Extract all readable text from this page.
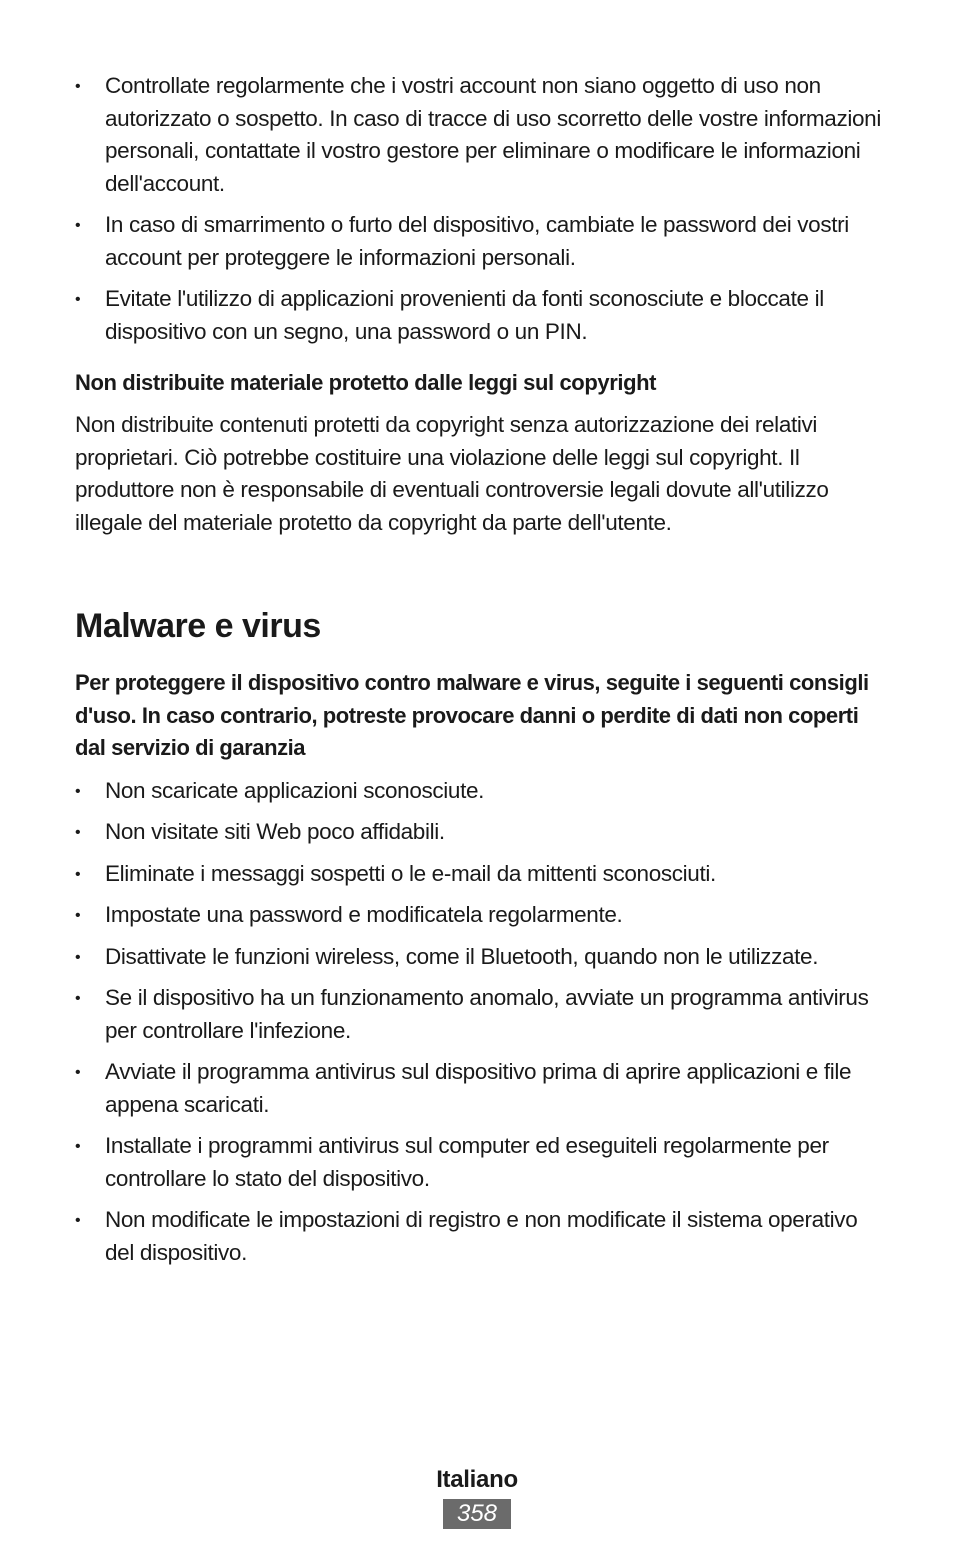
• Controllate regolarmente che i vostri account non siano oggetto di uso non autorizzato o sospetto. In caso di tracce di uso scorretto delle vostre informazioni personali, contattate il vostro gestore per eliminare o modificare le informazioni dell'account.
• In caso di smarrimento o furto del dispositivo, cambiate le password dei vostri account per proteggere le informazioni personali.
• Evitate l'utilizzo di applicazioni provenienti da fonti sconosciute e bloccate il dispositivo con un segno, una password o un PIN.
Non distribuite materiale protetto dalle leggi sul copyright

Non distribuite contenuti protetti da copyright senza autorizzazione dei relativi proprietari. Ciò potrebbe costituire una violazione delle leggi sul copyright. Il produttore non è responsabile di eventuali controversie legali dovute all'utilizzo illegale del materiale protetto da copyright da parte dell'utente.

Malware e virus
Per proteggere il dispositivo contro malware e virus, seguite i seguenti consigli d'uso. In caso contrario, potreste provocare danni o perdite di dati non coperti dal servizio di garanzia
• Non scaricate applicazioni sconosciute.
• Non visitate siti Web poco affidabili.
• Eliminate i messaggi sospetti o le e-mail da mittenti sconosciuti.
• Impostate una password e modificatela regolarmente.
• Disattivate le funzioni wireless, come il Bluetooth, quando non le utilizzate.
• Se il dispositivo ha un funzionamento anomalo, avviate un programma antivirus per controllare l'infezione.
• Avviate il programma antivirus sul dispositivo prima di aprire applicazioni e file appena scaricati.
• Installate i programmi antivirus sul computer ed eseguiteli regolarmente per controllare lo stato del dispositivo.
• Non modificate le impostazioni di registro e non modificate il sistema operativo del dispositivo.
Italiano
358
